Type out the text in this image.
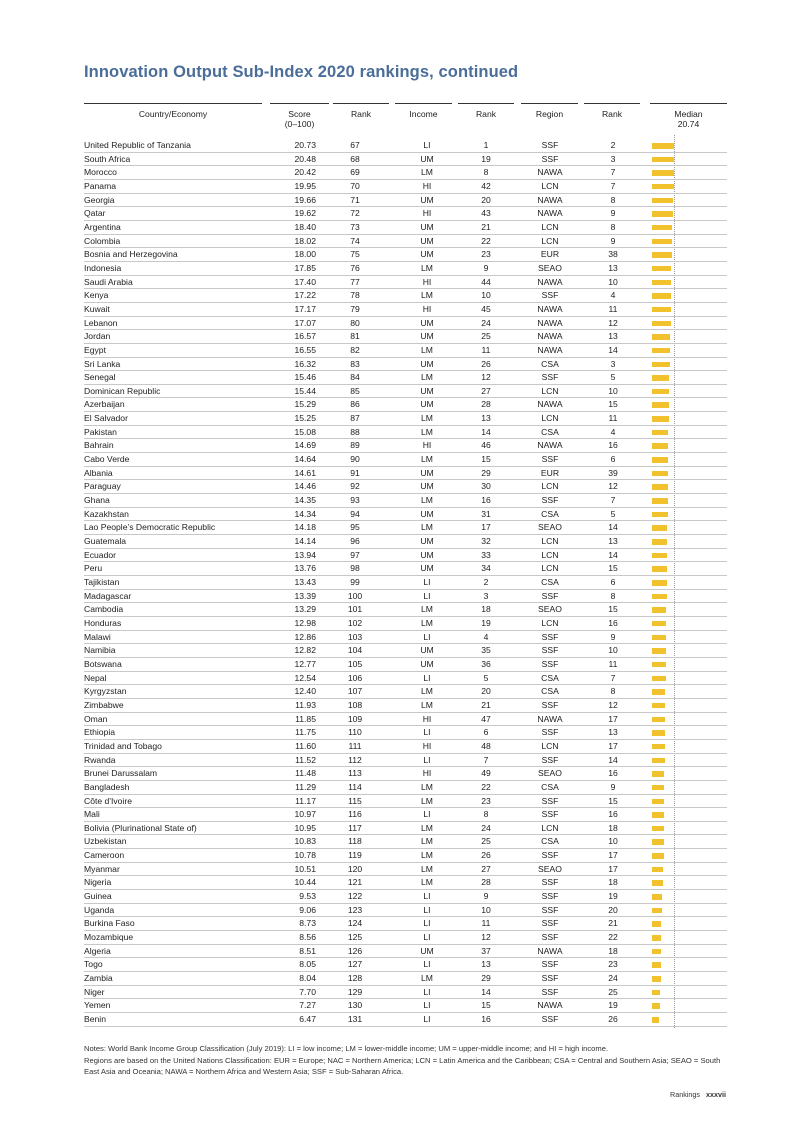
Innovation Output Sub-Index 2020 rankings, continued
Country/Economy	Score
(0–100)
Rank	Income	Rank	Region	Rank	Median
20.74
United Republic of Tanzania	20.73	67	LI	1	SSF	2
South Africa	20.48	68	UM	19	SSF	3
Morocco	20.42	69	LM	8	NAWA	7
Panama	19.95	70	HI	42	LCN	7
Georgia	19.66	71	UM	20	NAWA	8
Qatar	19.62	72	HI	43	NAWA	9
Argentina	18.40	73	UM	21	LCN	8
Colombia	18.02	74	UM	22	LCN	9
Bosnia and Herzegovina	18.00	75	UM	23	EUR	38
Indonesia	17.85	76	LM	9	SEAO	13
Saudi Arabia	17.40	77	HI	44	NAWA	10
Kenya	17.22	78	LM	10	SSF	4
Kuwait	17.17	79	HI	45	NAWA	11
Lebanon	17.07	80	UM	24	NAWA	12
Jordan	16.57	81	UM	25	NAWA	13
Egypt	16.55	82	LM	11	NAWA	14
Sri Lanka	16.32	83	UM	26	CSA	3
Senegal	15.46	84	LM	12	SSF	5
Dominican Republic	15.44	85	UM	27	LCN	10
Azerbaijan	15.29	86	UM	28	NAWA	15
El Salvador	15.25	87	LM	13	LCN	11
Pakistan	15.08	88	LM	14	CSA	4
Bahrain	14.69	89	HI	46	NAWA	16
Cabo Verde	14.64	90	LM	15	SSF	6
Albania	14.61	91	UM	29	EUR	39
Paraguay	14.46	92	UM	30	LCN	12
Ghana	14.35	93	LM	16	SSF	7
Kazakhstan	14.34	94	UM	31	CSA	5
Lao People’s Democratic Republic	14.18	95	LM	17	SEAO	14
Guatemala	14.14	96	UM	32	LCN	13
Ecuador	13.94	97	UM	33	LCN	14
Peru	13.76	98	UM	34	LCN	15
Tajikistan	13.43	99	LI	2	CSA	6
Madagascar	13.39	100	LI	3	SSF	8
Cambodia	13.29	101	LM	18	SEAO	15
Honduras	12.98	102	LM	19	LCN	16
Malawi	12.86	103	LI	4	SSF	9
Namibia	12.82	104	UM	35	SSF	10
Botswana	12.77	105	UM	36	SSF	11
Nepal	12.54	106	LI	5	CSA	7
Kyrgyzstan	12.40	107	LM	20	CSA	8
Zimbabwe	11.93	108	LM	21	SSF	12
Oman	11.85	109	HI	47	NAWA	17
Ethiopia	11.75	110	LI	6	SSF	13
Trinidad and Tobago	11.60	111	HI	48	LCN	17
Rwanda	11.52	112	LI	7	SSF	14
Brunei Darussalam	11.48	113	HI	49	SEAO	16
Bangladesh	11.29	114	LM	22	CSA	9
Côte d'Ivoire	11.17	115	LM	23	SSF	15
Mali	10.97	116	LI	8	SSF	16
Bolivia (Plurinational State of)	10.95	117	LM	24	LCN	18
Uzbekistan	10.83	118	LM	25	CSA	10
Cameroon	10.78	119	LM	26	SSF	17
Myanmar	10.51	120	LM	27	SEAO	17
Nigeria	10.44	121	LM	28	SSF	18
Guinea	9.53	122	LI	9	SSF	19
Uganda	9.06	123	LI	10	SSF	20
Burkina Faso	8.73	124	LI	11	SSF	21
Mozambique	8.56	125	LI	12	SSF	22
Algeria	8.51	126	UM	37	NAWA	18
Togo	8.05	127	LI	13	SSF	23
Zambia	8.04	128	LM	29	SSF	24
Niger	7.70	129	LI	14	SSF	25
Yemen	7.27	130	LI	15	NAWA	19
Benin	6.47	131	LI	16	SSF	26
Notes: World Bank Income Group Classification (July 2019): LI = low income; LM = lower-middle income; UM = upper-middle income; and HI = high income.
Regions are based on the United Nations Classification: EUR = Europe; NAC = Northern America; LCN = Latin America and the Caribbean; CSA = Central and Southern Asia; SEAO = South East Asia and Oceania; NAWA = Northern Africa and Western Asia; SSF = Sub-Saharan Africa.
Rankings xxxvii
